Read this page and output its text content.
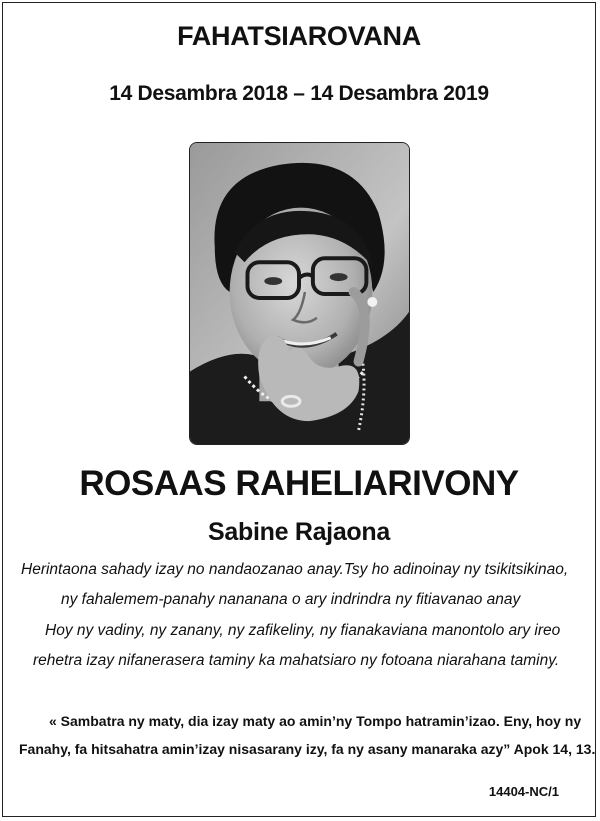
FAHATSIAROVANA
14 Desambra 2018 – 14 Desambra 2019
ROSAAS RAHELIARIVONY
Sabine Rajaona
Herintaona sahady izay no nandaozanao anay.Tsy ho adinoinay ny tsikitsikinao,
ny fahalemem-panahy nananana o ary indrindra ny fitiavanao anay
Hoy ny vadiny, ny zanany, ny zafikeliny, ny fianakaviana manontolo ary ireo
rehetra izay nifanerasera taminy ka mahatsiaro ny fotoana niarahana taminy.
« Sambatra ny maty, dia izay maty ao amin’ny Tompo hatramin’izao. Eny, hoy ny
Fanahy, fa hitsahatra amin’izay nisasarany izy, fa ny asany manaraka azy” Apok 14, 13.
14404-NC/1
